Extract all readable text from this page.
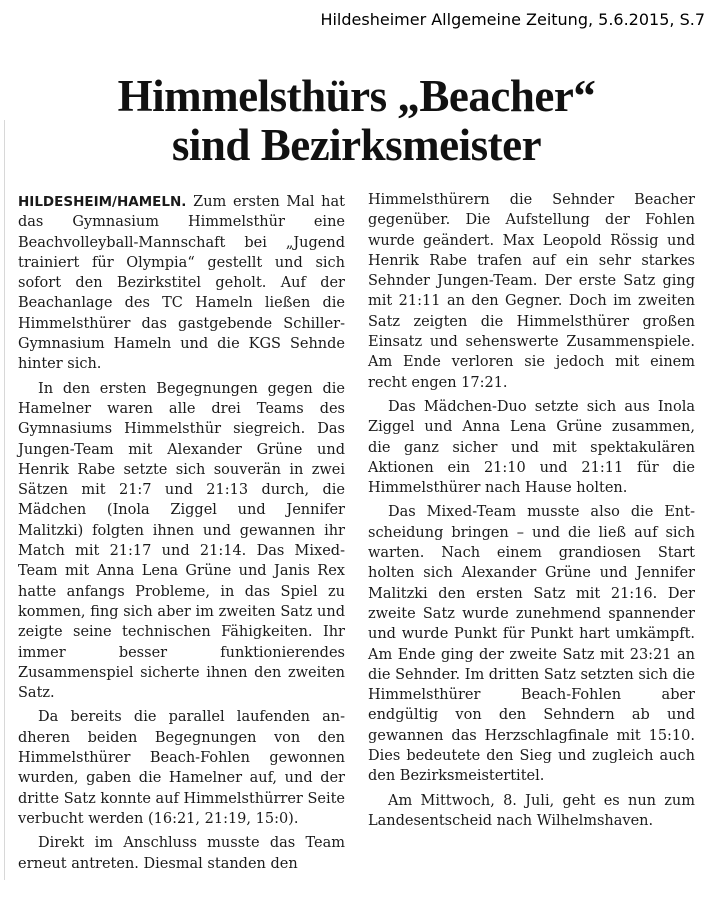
Hildesheimer Allgemeine Zeitung, 5.6.2015, S.7
Himmelsthürs „Beacher“
sind Bezirksmeister

HILDESHEIM/HAMELN. Zum ersten Mal hat das Gymnasium Himmelsthür eine Beachvolleyball-Mannschaft bei „Jugend trainiert für Olympia“ gestellt und sich sofort den Bezirkstitel geholt. Auf der Beachanlage des TC Hameln ließen die Himmelsthürer das gastgebende Schiller-Gymnasium Hameln und die KGS Sehnde hinter sich.

In den ersten Begegnungen gegen die Hamelner waren alle drei Teams des Gymnasiums Himmelsthür siegreich. Das Jungen-Team mit Alexander Grüne und Henrik Rabe setzte sich souverän in zwei Sätzen mit 21:7 und 21:13 durch, die Mädchen (Inola Ziggel und Jennifer Malitzki) folgten ihnen und gewannen ihr Match mit 21:17 und 21:14. Das Mixed-Team mit Anna Lena Grüne und Janis Rex hatte anfangs Probleme, in das Spiel zu kommen, fing sich aber im zweiten Satz und zeigte seine technischen Fähigkeiten. Ihr immer besser funktionierendes Zusammenspiel sicherte ihnen den zweiten Satz.

Da bereits die parallel laufenden andheren beiden Begegnungen von den Himmelsthürer Beach-Fohlen gewonnen wurden, gaben die Hamelner auf, und der dritte Satz konnte auf Himmelsthürrer Seite verbucht werden (16:21, 21:19, 15:0).

Direkt im Anschluss musste das Team erneut antreten. Diesmal standen den

Himmelsthürern die Sehnder Beacher gegenüber. Die Aufstellung der Fohlen wurde geändert. Max Leopold Rössig und Henrik Rabe trafen auf ein sehr starkes Sehnder Jungen-Team. Der erste Satz ging mit 21:11 an den Gegner. Doch im zweiten Satz zeigten die Himmelsthürer großen Einsatz und sehenswerte Zusammenspiele. Am Ende verloren sie jedoch mit einem recht engen 17:21.

Das Mädchen-Duo setzte sich aus Inola Ziggel und Anna Lena Grüne zusammen, die ganz sicher und mit spektakulären Aktionen ein 21:10 und 21:11 für die Himmelsthürer nach Hause holten.

Das Mixed-Team musste also die Entscheidung bringen – und die ließ auf sich warten. Nach einem grandiosen Start holten sich Alexander Grüne und Jennifer Malitzki den ersten Satz mit 21:16. Der zweite Satz wurde zunehmend spannender und wurde Punkt für Punkt hart umkämpft. Am Ende ging der zweite Satz mit 23:21 an die Sehnder. Im dritten Satz setzten sich die Himmelsthürer Beach-Fohlen aber endgültig von den Sehndern ab und gewannen das Herzschlagfinale mit 15:10. Dies bedeutete den Sieg und zugleich auch den Bezirksmeistertitel.

Am Mittwoch, 8. Juli, geht es nun zum Landesentscheid nach Wilhelmshaven.
